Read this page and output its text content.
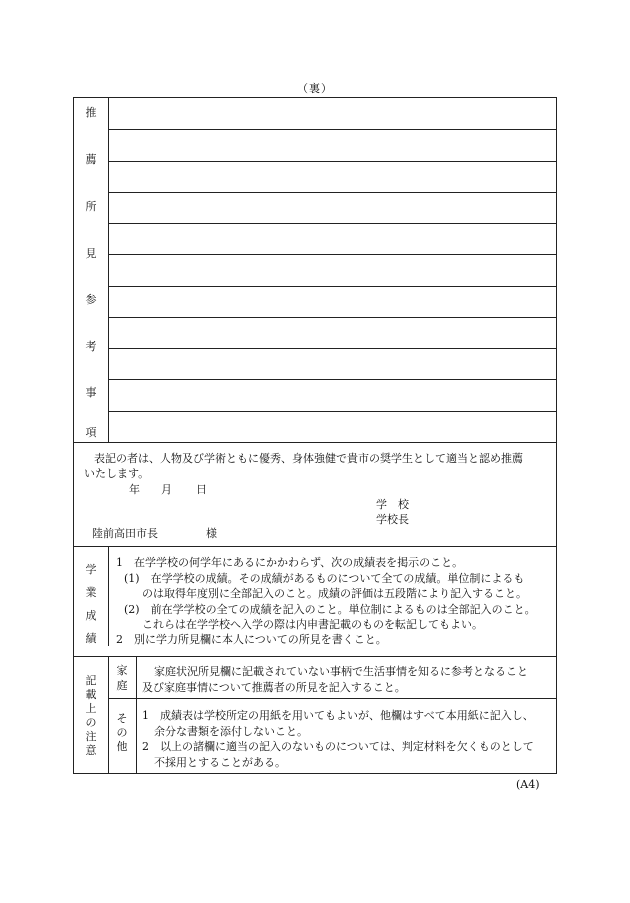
（裏）
推
薦
所
見
参
考
事
項
表記の者は、人物及び学術ともに優秀、身体強健で貴市の奨学生として適当と認め推薦
いたします。
年 月 日
学　校
学校長
陸前高田市長	様
学
業
成
績
1　在学学校の何学年にあるにかかわらず、次の成績表を掲示のこと。
(1)　在学学校の成績。その成績があるものについて全ての成績。単位制によるも
のは取得年度別に全部記入のこと。成績の評価は五段階により記入すること。
(2)　前在学学校の全ての成績を記入のこと。単位制によるものは全部記入のこと。
これらは在学学校へ入学の際は内申書記載のものを転記してもよい。
2　別に学力所見欄に本人についての所見を書くこと。
記
載
上
の
注
意
家
庭
家庭状況所見欄に記載されていない事柄で生活事情を知るに参考となること
及び家庭事情について推薦者の所見を記入すること。
そ
の
他
1　成績表は学校所定の用紙を用いてもよいが、他欄はすべて本用紙に記入し、
余分な書類を添付しないこと。
2　以上の諸欄に適当の記入のないものについては、判定材料を欠くものとして
不採用とすることがある。
(A4)
